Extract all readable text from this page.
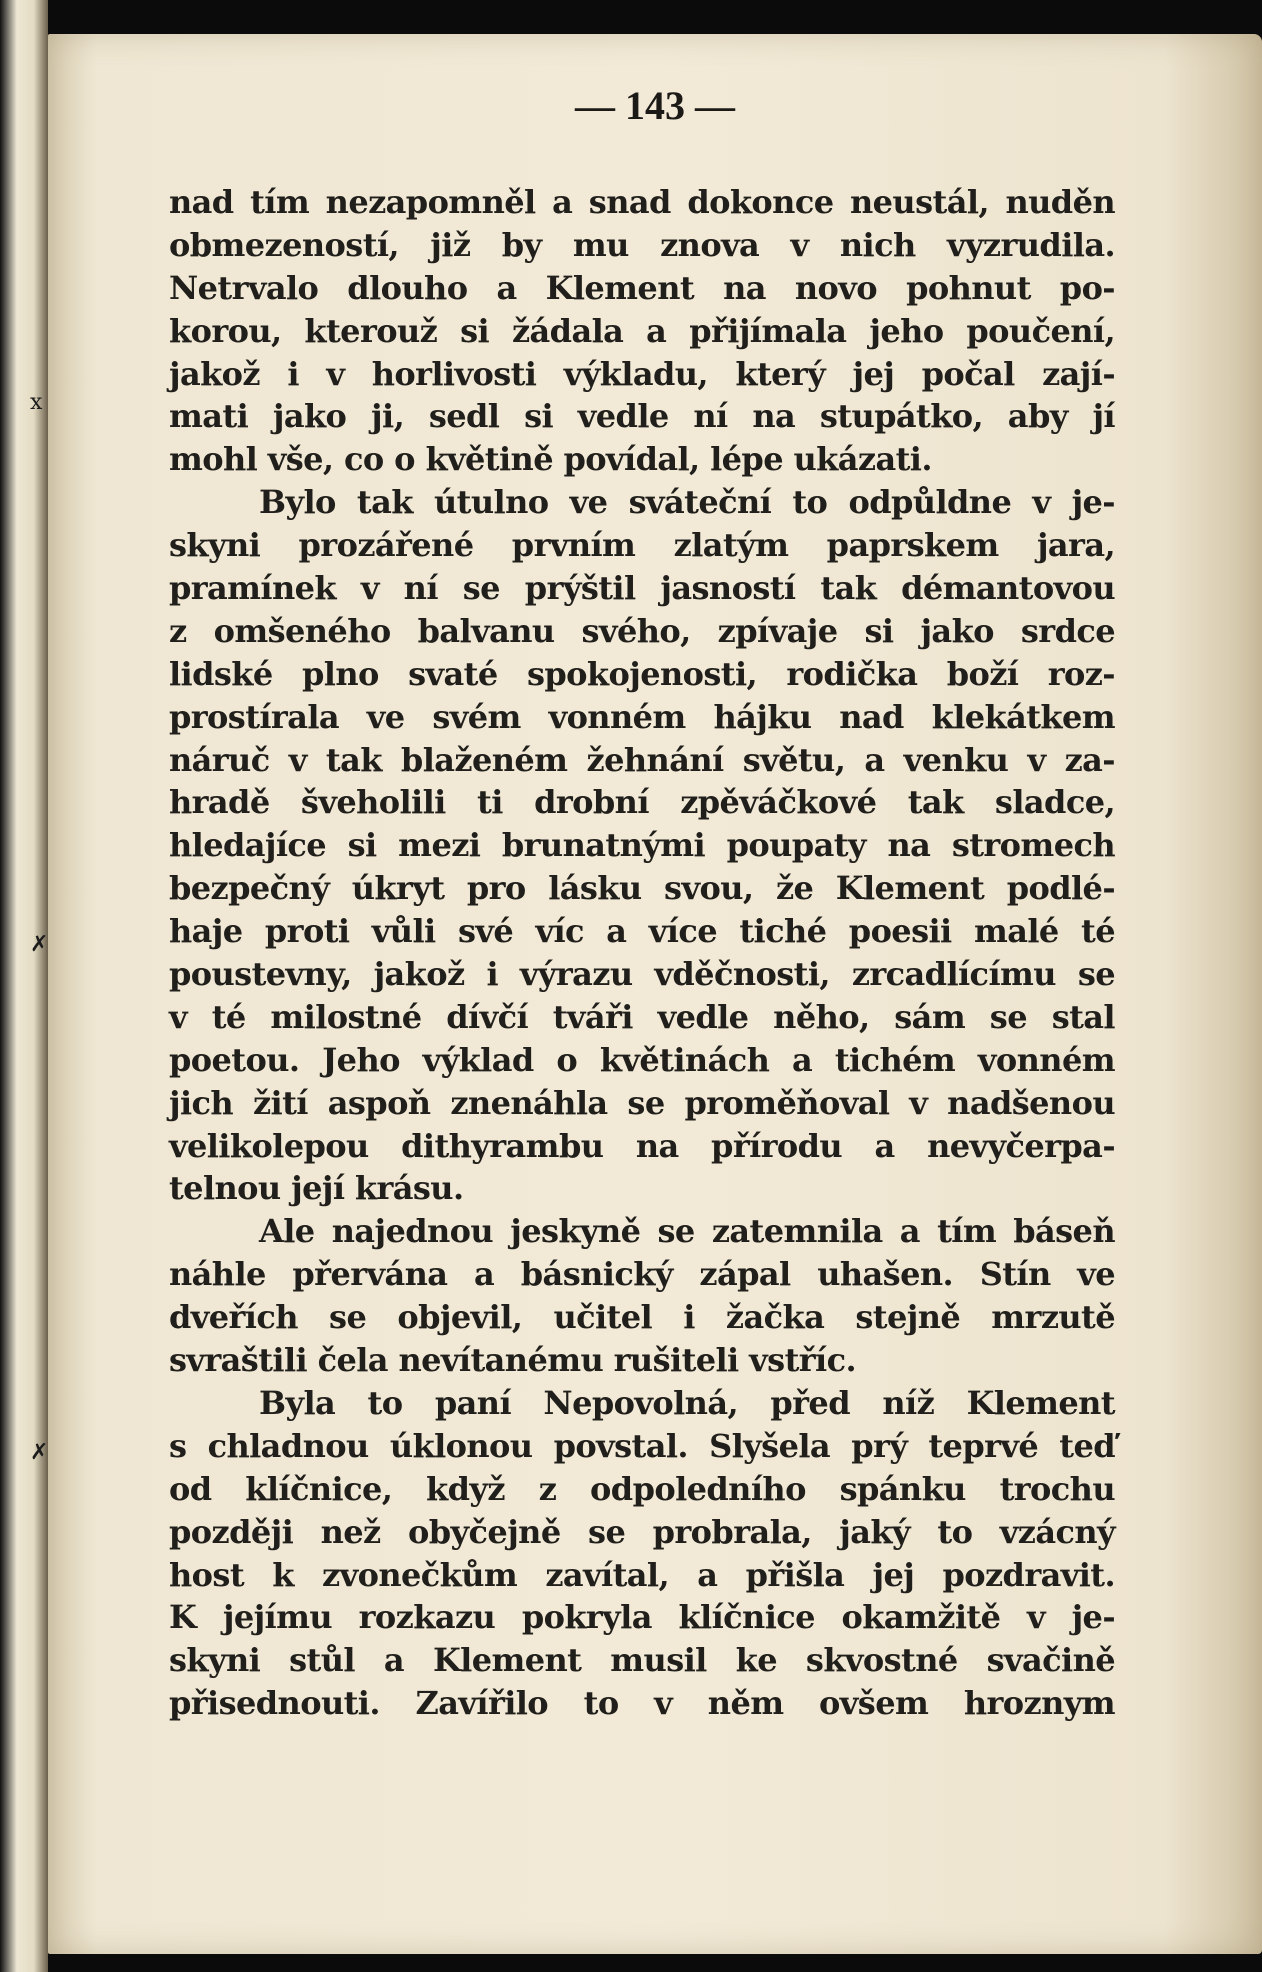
x
✗
✗

— 143 —

nad tím nezapomněl a snad dokonce neustál, nuděn
obmezeností, již by mu znova v nich vyzrudila.
Netrvalo dlouho a Klement na novo pohnut po-
korou, kterouž si žádala a přijímala jeho poučení,
jakož i v horlivosti výkladu, který jej počal zají-
mati jako ji, sedl si vedle ní na stupátko, aby jí
mohl vše, co o květině povídal, lépe ukázati.
Bylo tak útulno ve sváteční to odpůldne v je-
skyni prozářené prvním zlatým paprskem jara,
pramínek v ní se prýštil jasností tak démantovou
z omšeného balvanu svého, zpívaje si jako srdce
lidské plno svaté spokojenosti, rodička boží roz-
prostírala ve svém vonném hájku nad klekátkem
náruč v tak blaženém žehnání světu, a venku v za-
hradě šveholili ti drobní zpěváčkové tak sladce,
hledajíce si mezi brunatnými poupaty na stromech
bezpečný úkryt pro lásku svou, že Klement podlé-
haje proti vůli své víc a více tiché poesii malé té
poustevny, jakož i výrazu vděčnosti, zrcadlícímu se
v té milostné dívčí tváři vedle něho, sám se stal
poetou. Jeho výklad o květinách a tichém vonném
jich žití aspoň znenáhla se proměňoval v nadšenou
velikolepou dithyrambu na přírodu a nevyčerpa-
telnou její krásu.
Ale najednou jeskyně se zatemnila a tím báseň
náhle přervána a básnický zápal uhašen. Stín ve
dveřích se objevil, učitel i žačka stejně mrzutě
svraštili čela nevítanému rušiteli vstříc.
Byla to paní Nepovolná, před níž Klement
s chladnou úklonou povstal. Slyšela prý teprvé teď
od klíčnice, když z odpoledního spánku trochu
později než obyčejně se probrala, jaký to vzácný
host k zvonečkům zavítal, a přišla jej pozdravit.
K jejímu rozkazu pokryla klíčnice okamžitě v je-
skyni stůl a Klement musil ke skvostné svačině
přisednouti. Zavířilo to v něm ovšem hroznym
